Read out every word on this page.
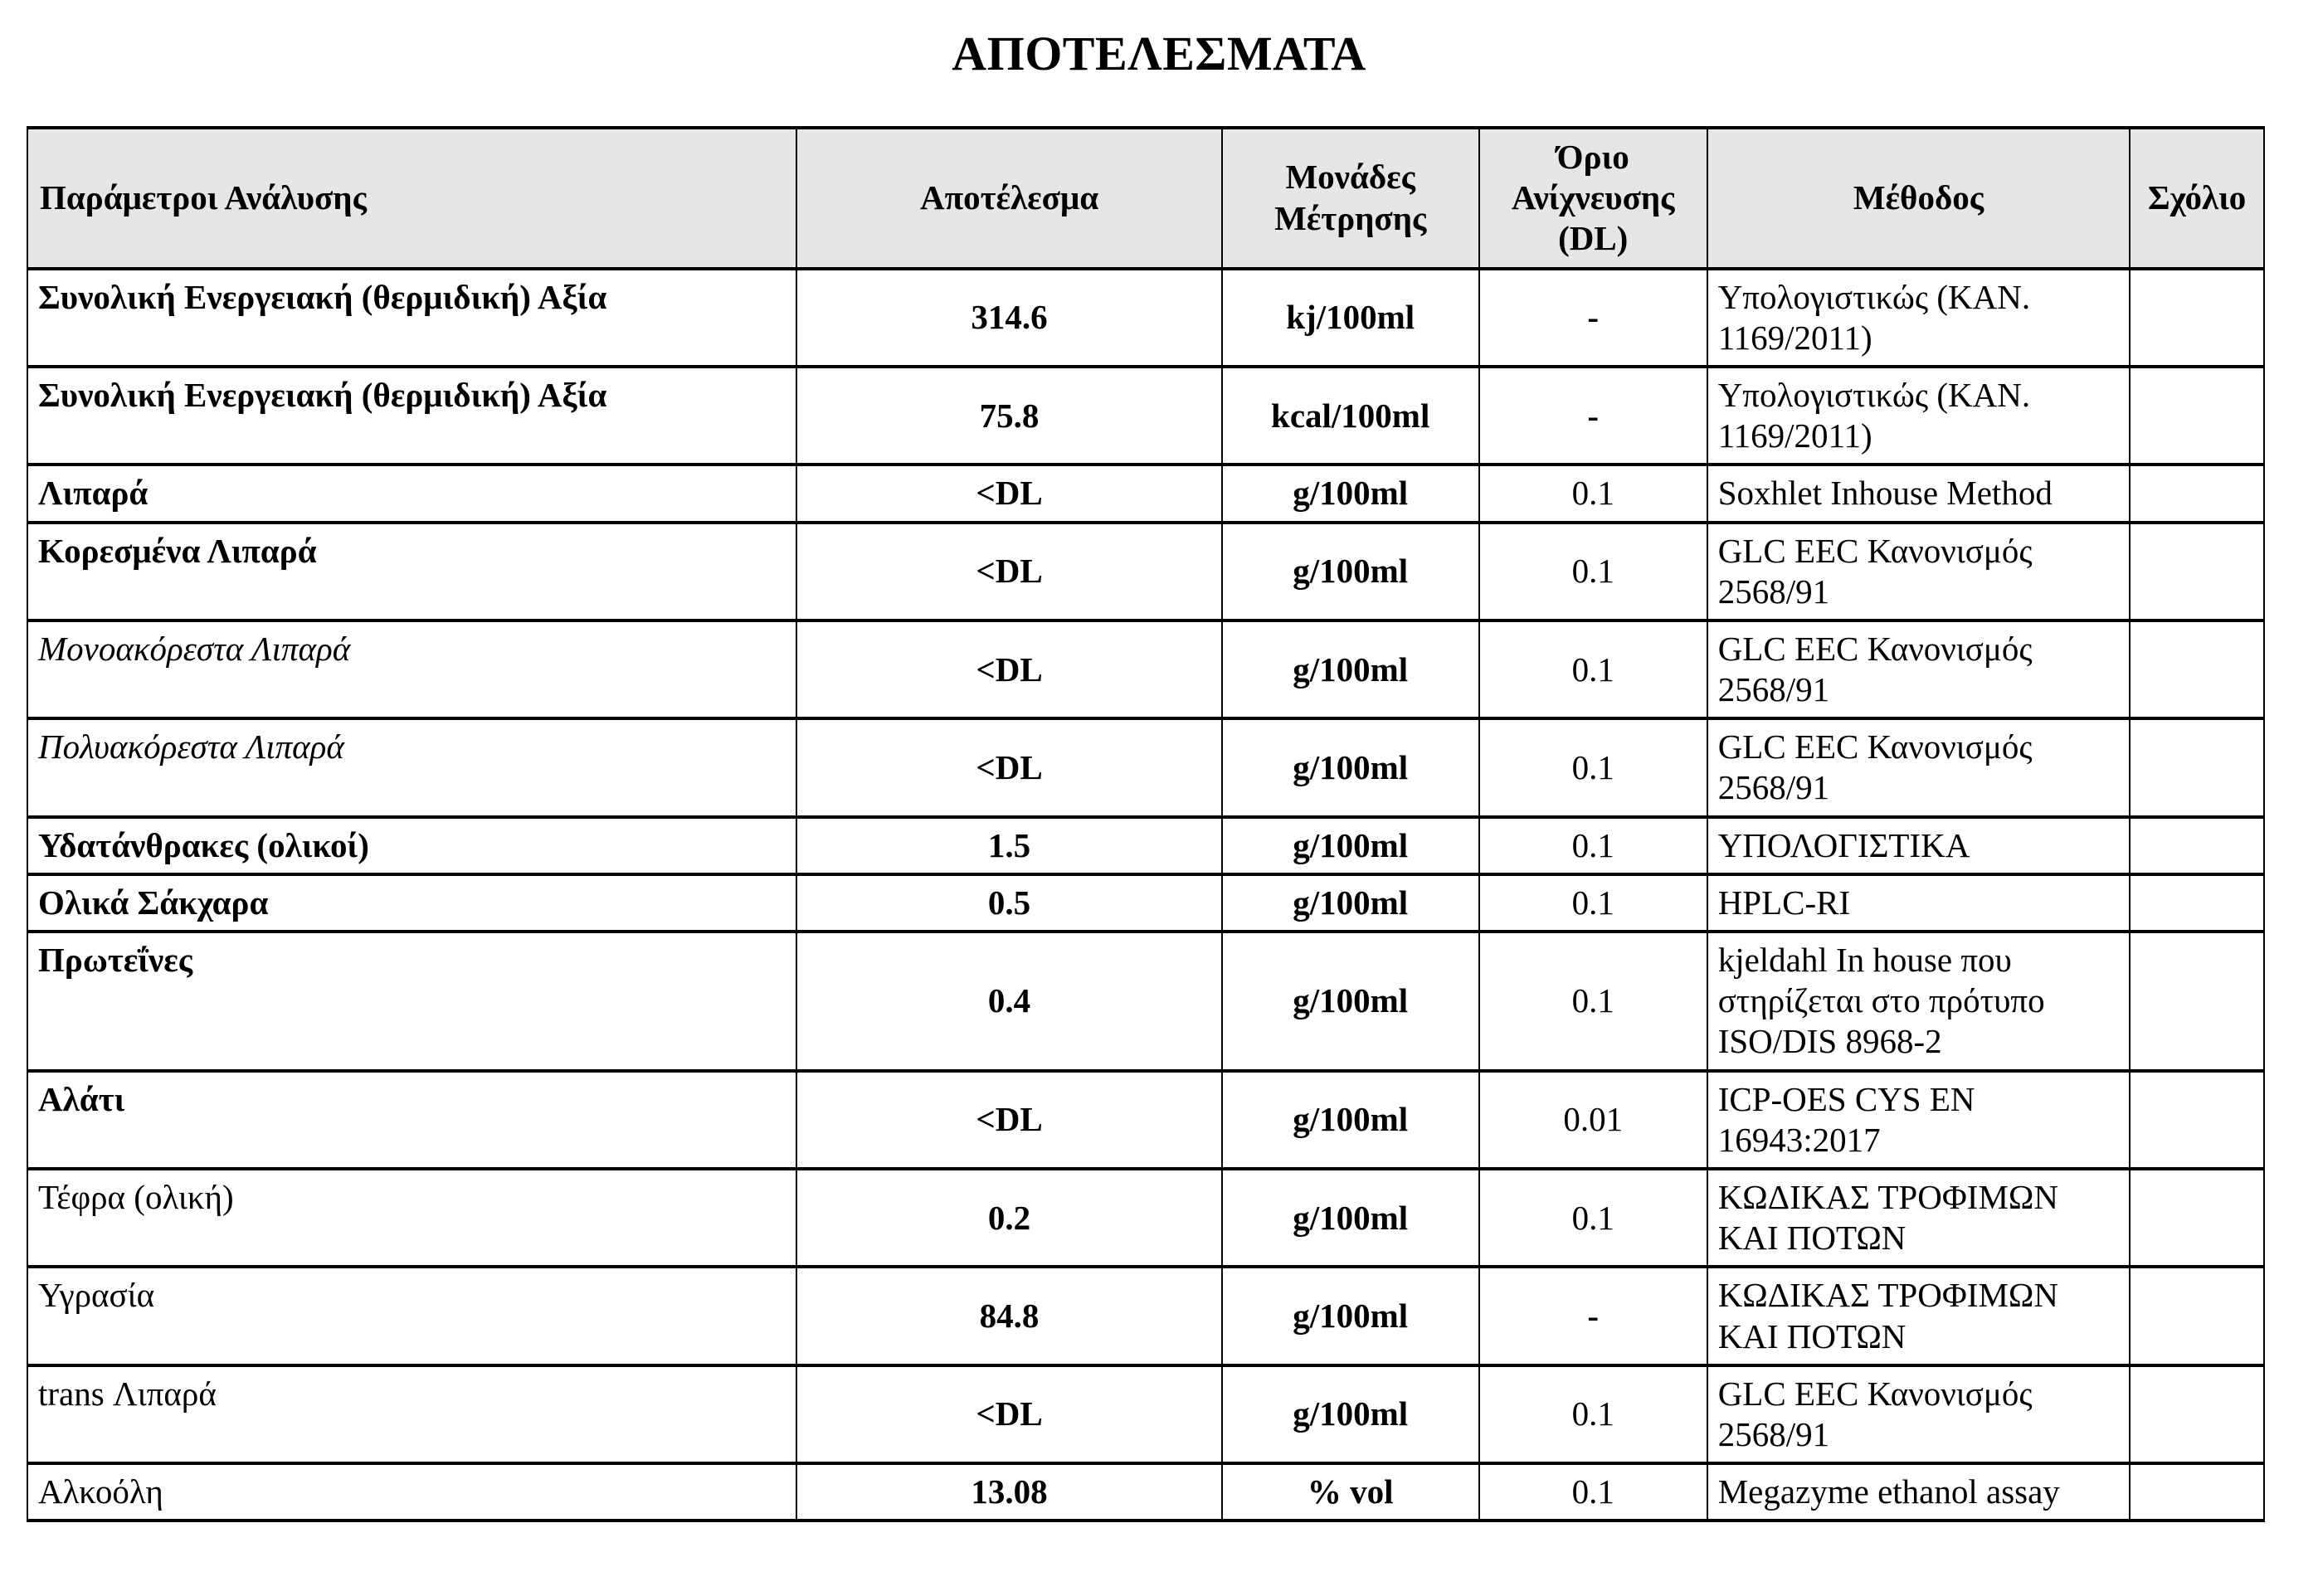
ΑΠΟΤΕΛΕΣΜΑΤΑ
Παράμετροι Ανάλυσης	Αποτέλεσμα	Μονάδες Μέτρησης	Όριο Ανίχνευσης (DL)	Μέθοδος	Σχόλιο
Συνολική Ενεργειακή (θερμιδική) Αξία	314.6	kj/100ml	-	Υπολογιστικώς (ΚΑΝ. 1169/2011)	
Συνολική Ενεργειακή (θερμιδική) Αξία	75.8	kcal/100ml	-	Υπολογιστικώς (ΚΑΝ. 1169/2011)	
Λιπαρά	<DL	g/100ml	0.1	Soxhlet Inhouse Method	
Κορεσμένα Λιπαρά	<DL	g/100ml	0.1	GLC EEC Κανονισμός 2568/91	
Μονοακόρεστα Λιπαρά	<DL	g/100ml	0.1	GLC EEC Κανονισμός 2568/91	
Πολυακόρεστα Λιπαρά	<DL	g/100ml	0.1	GLC EEC Κανονισμός 2568/91	
Υδατάνθρακες (ολικοί)	1.5	g/100ml	0.1	ΥΠΟΛΟΓΙΣΤΙΚΑ	
Ολικά Σάκχαρα	0.5	g/100ml	0.1	HPLC-RI	
Πρωτεΐνες	0.4	g/100ml	0.1	kjeldahl In house που στηρίζεται στο πρότυπο ISO/DIS 8968-2	
Αλάτι	<DL	g/100ml	0.01	ICP-OES CYS EN 16943:2017	
Τέφρα (ολική)	0.2	g/100ml	0.1	ΚΩΔΙΚΑΣ ΤΡΟΦΙΜΩΝ ΚΑΙ ΠΟΤΩΝ	
Υγρασία	84.8	g/100ml	-	ΚΩΔΙΚΑΣ ΤΡΟΦΙΜΩΝ ΚΑΙ ΠΟΤΩΝ	
trans Λιπαρά	<DL	g/100ml	0.1	GLC EEC Κανονισμός 2568/91	
Αλκοόλη	13.08	% vol	0.1	Megazyme ethanol assay	
